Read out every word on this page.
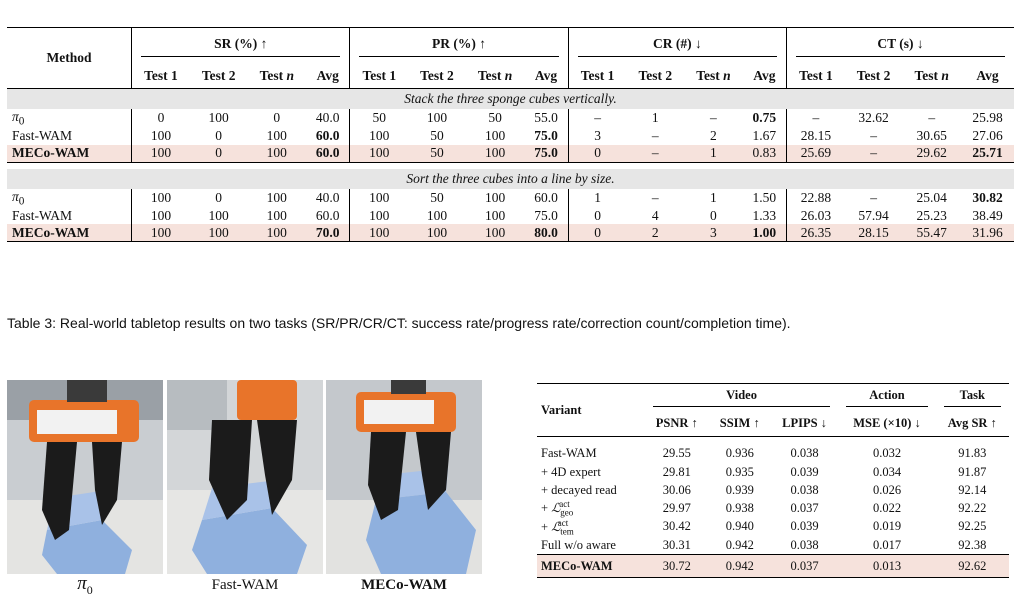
Method	SR (%) ↑				PR (%) ↑				CR (#) ↓				CT (s) ↓			

	Test 1	Test 2	Test n	Avg	Test 1	Test 2	Test n	Avg	Test 1	Test 2	Test n	Avg	Test 1	Test 2	Test n	Avg
Stack the three sponge cubes vertically.																
$\pi_0$	0	100	0	40.0	50	100	50	55.0	–	1	–	0.75	–	32.62	–	25.98
Fast-WAM	100	0	100	60.0	100	50	100	75.0	3	–	2	1.67	28.15	–	30.65	27.06
MECo-WAM	100	0	100	60.0	100	50	100	75.0	0	–	1	0.83	25.69	–	29.62	25.71

Sort the three cubes into a line by size.																
$\pi_0$	100	0	100	40.0	100	50	100	60.0	1	–	1	1.50	22.88	–	25.04	30.82
Fast-WAM	100	100	100	60.0	100	100	100	75.0	0	4	0	1.33	26.03	57.94	25.23	38.49
MECo-WAM	100	100	100	70.0	100	100	100	80.0	0	2	3	1.00	26.35	28.15	55.47	31.96
Table 3: Real-world tabletop results on two tasks (SR/PR/CR/CT: success rate/progress rate/correction count/completion time).
$\pi_0$	Fast-WAM	MECo-WAM
Variant	Video			Action	Task

	PSNR ↑	SSIM ↑	LPIPS ↓	MSE (×10) ↓	Avg SR ↑
Fast-WAM	29.55	0.936	0.038	0.032	91.83
+ 4D expert	29.81	0.935	0.039	0.034	91.87
+ decayed read	30.06	0.939	0.038	0.026	92.14
+ ℒ$_{geo}^{act}$	29.97	0.938	0.037	0.022	92.22
+ ℒ$_{tem}^{act}$	30.42	0.940	0.039	0.019	92.25
Full w/o aware	30.31	0.942	0.038	0.017	92.38
MECo-WAM	30.72	0.942	0.037	0.013	92.62
